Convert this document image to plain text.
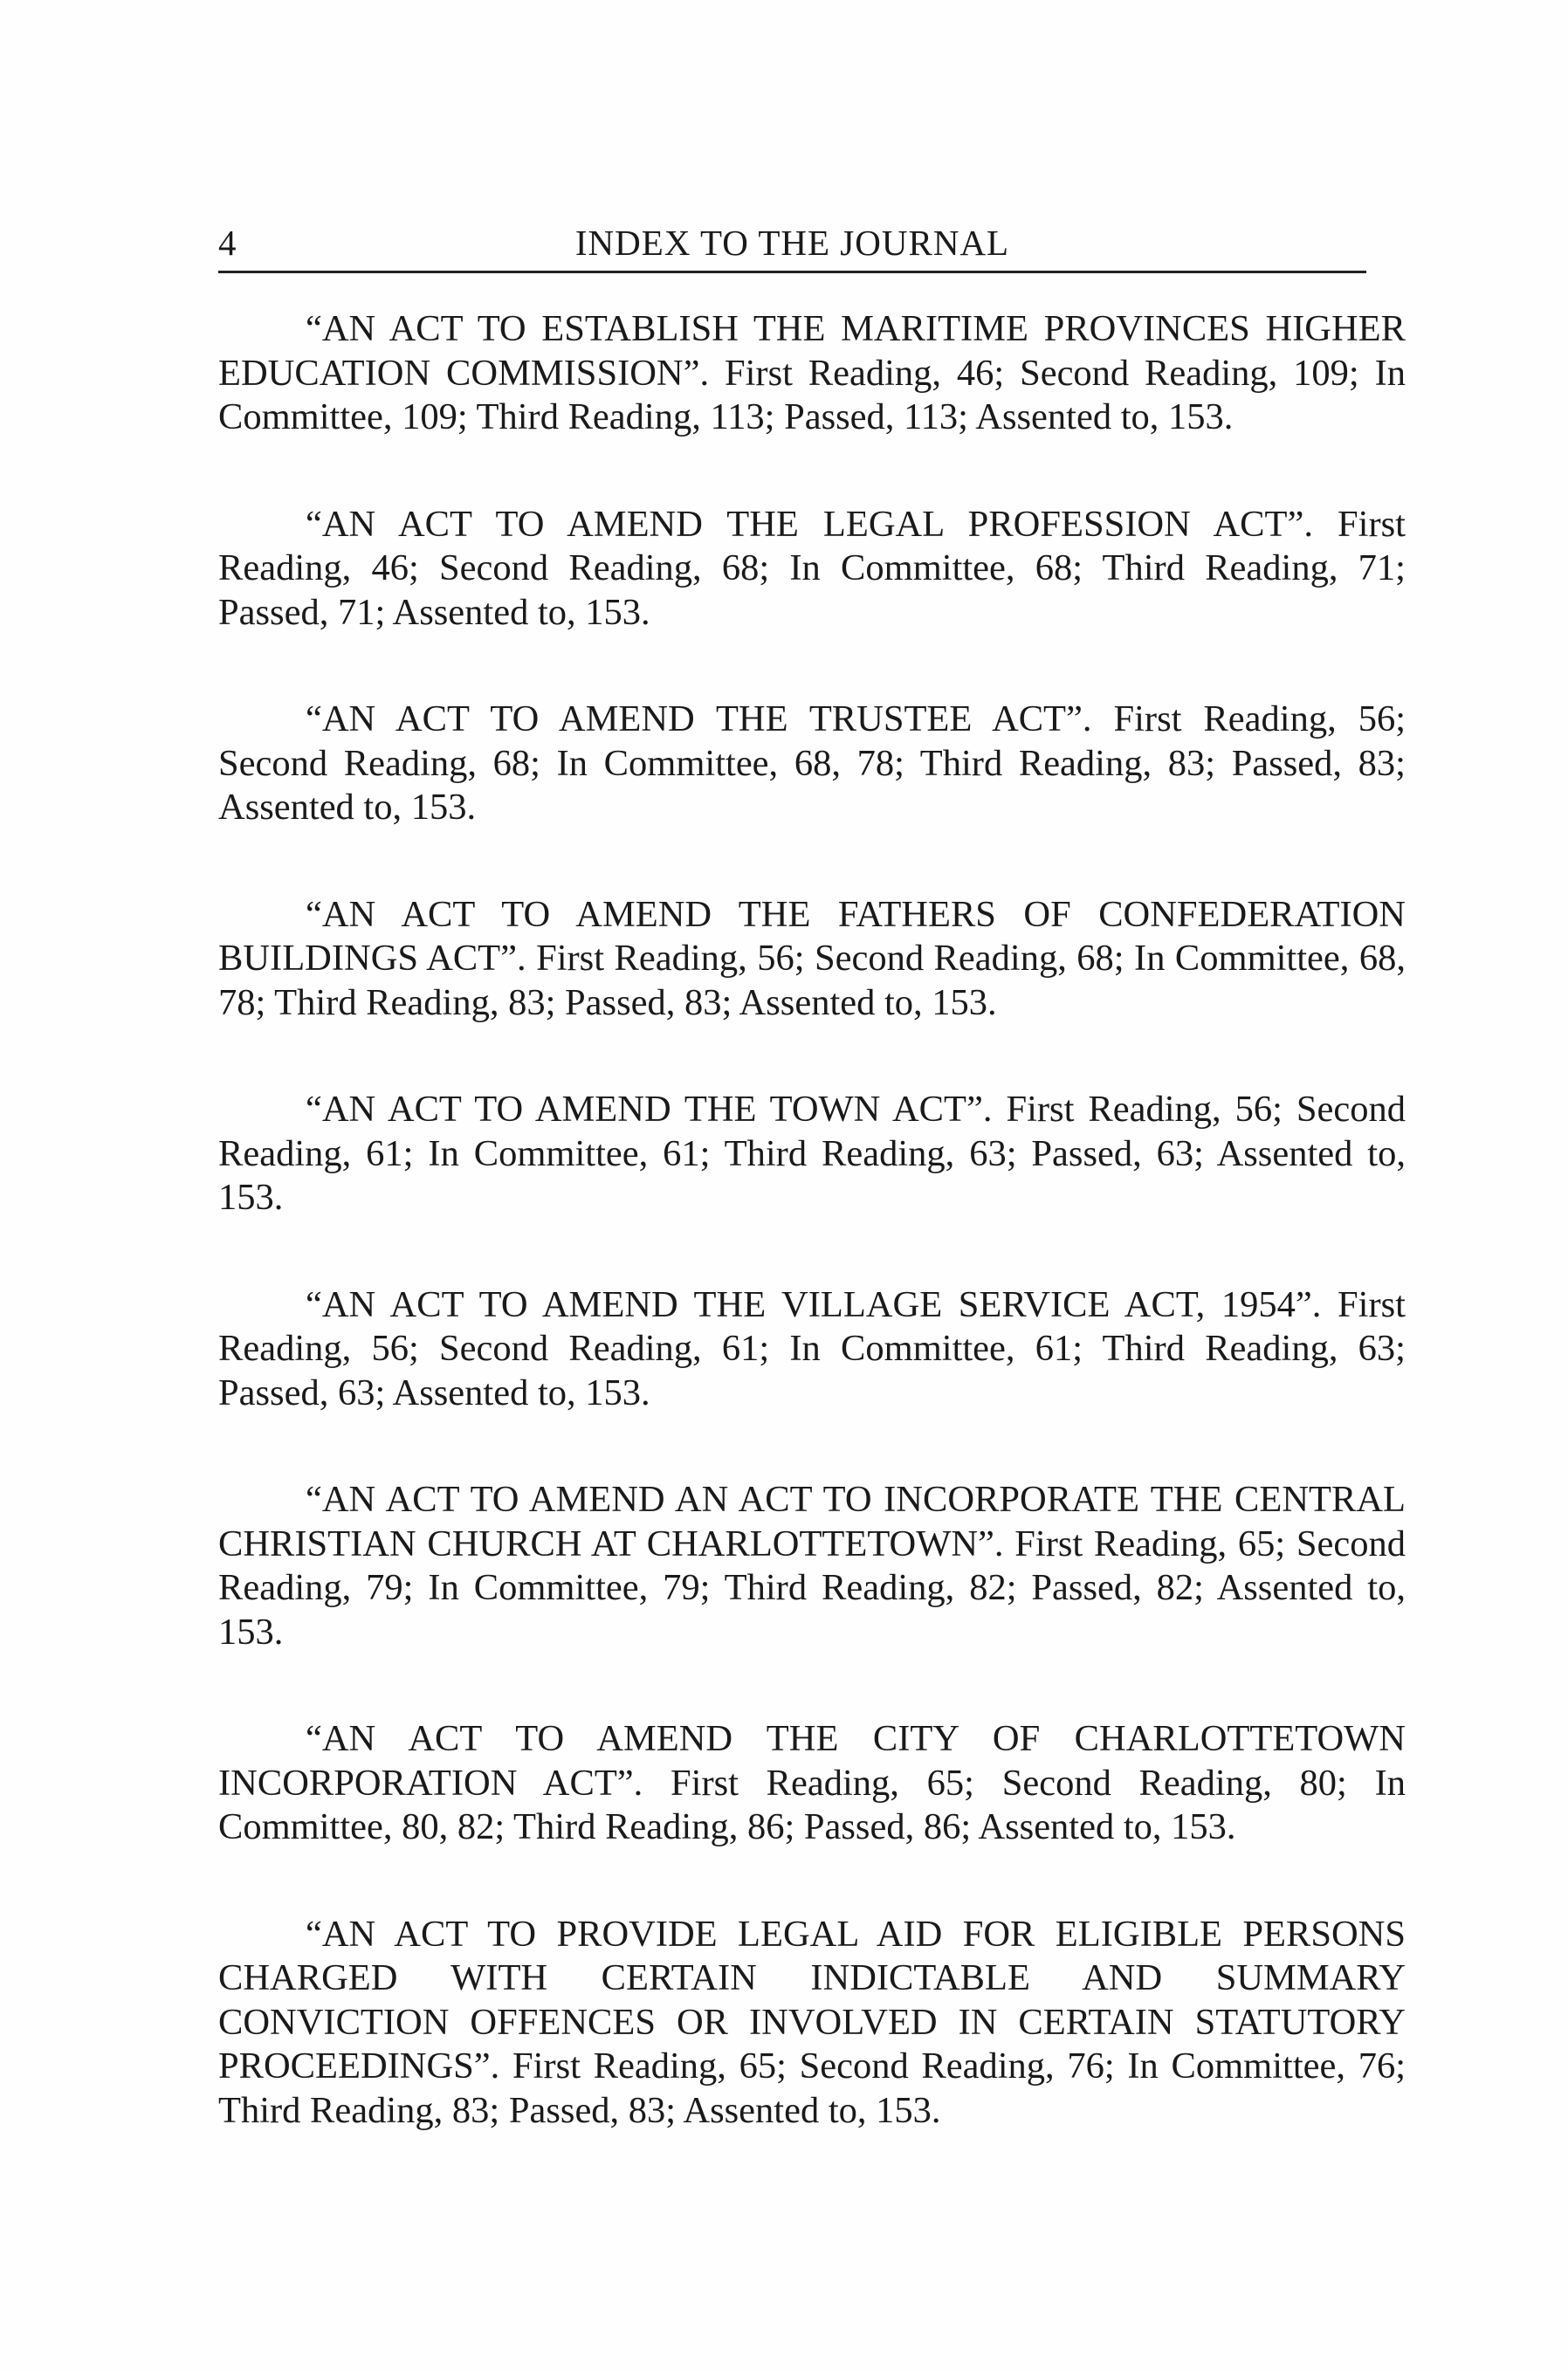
4	INDEX TO THE JOURNAL
“AN ACT TO ESTABLISH THE MARITIME PROVINCES HIGHER EDUCATION COMMISSION”. First Reading, 46; Second Reading, 109; In Committee, 109; Third Reading, 113; Passed, 113; Assented to, 153.
“AN ACT TO AMEND THE LEGAL PROFESSION ACT”. First Reading, 46; Second Reading, 68; In Committee, 68; Third Reading, 71; Passed, 71; Assented to, 153.
“AN ACT TO AMEND THE TRUSTEE ACT”. First Reading, 56; Second Reading, 68; In Committee, 68, 78; Third Reading, 83; Passed, 83; Assented to, 153.
“AN ACT TO AMEND THE FATHERS OF CONFEDERATION BUILDINGS ACT”. First Reading, 56; Second Reading, 68; In Committee, 68, 78; Third Reading, 83; Passed, 83; Assented to, 153.
“AN ACT TO AMEND THE TOWN ACT”. First Reading, 56; Second Reading, 61; In Committee, 61; Third Reading, 63; Passed, 63; Assented to, 153.
“AN ACT TO AMEND THE VILLAGE SERVICE ACT, 1954”. First Reading, 56; Second Reading, 61; In Committee, 61; Third Reading, 63; Passed, 63; Assented to, 153.
“AN ACT TO AMEND AN ACT TO INCORPORATE THE CENTRAL CHRISTIAN CHURCH AT CHARLOTTETOWN”. First Reading, 65; Second Reading, 79; In Committee, 79; Third Reading, 82; Passed, 82; Assented to, 153.
“AN ACT TO AMEND THE CITY OF CHARLOTTETOWN INCORPORATION ACT”. First Reading, 65; Second Reading, 80; In Committee, 80, 82; Third Reading, 86; Passed, 86; Assented to, 153.
“AN ACT TO PROVIDE LEGAL AID FOR ELIGIBLE PERSONS CHARGED WITH CERTAIN INDICTABLE AND SUMMARY CONVICTION OFFENCES OR INVOLVED IN CERTAIN STATUTORY PROCEEDINGS”. First Reading, 65; Second Reading, 76; In Committee, 76; Third Reading, 83; Passed, 83; Assented to, 153.
